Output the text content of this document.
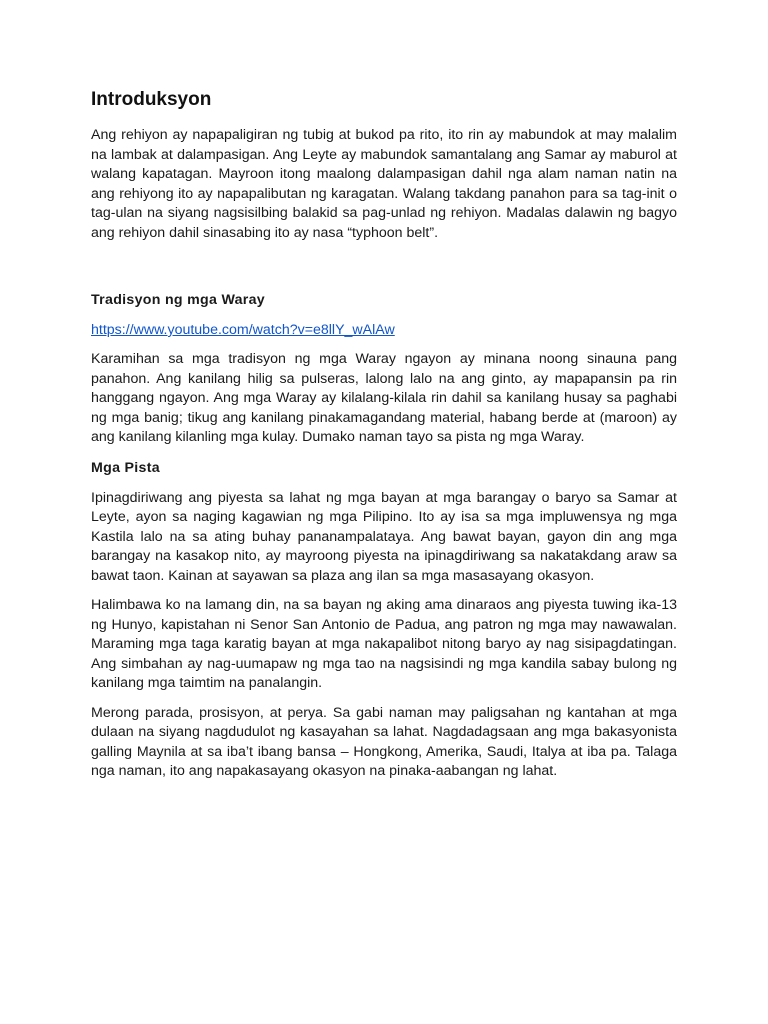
Introduksyon

Ang rehiyon ay napapaligiran ng tubig at bukod pa rito, ito rin ay mabundok at may malalim na lambak at dalampasigan. Ang Leyte ay mabundok samantalang ang Samar ay maburol at walang kapatagan. Mayroon itong maalong dalampasigan dahil nga alam naman natin na ang rehiyong ito ay napapalibutan ng karagatan. Walang takdang panahon para sa tag-init o tag-ulan na siyang nagsisilbing balakid sa pag-unlad ng rehiyon. Madalas dalawin ng bagyo ang rehiyon dahil sinasabing ito ay nasa “typhoon belt”.

Tradisyon ng mga Waray
https://www.youtube.com/watch?v=e8llY_wAlAw

Karamihan sa mga tradisyon ng mga Waray ngayon ay minana noong sinauna pang panahon. Ang kanilang hilig sa pulseras, lalong lalo na ang ginto, ay mapapansin pa rin hanggang ngayon. Ang mga Waray ay kilalang-kilala rin dahil sa kanilang husay sa paghabi ng mga banig; tikug ang kanilang pinakamagandang material, habang berde at (maroon) ay ang kanilang kilanling mga kulay. Dumako naman tayo sa pista ng mga Waray.

Mga Pista

Ipinagdiriwang ang piyesta sa lahat ng mga bayan at mga barangay o baryo sa Samar at Leyte, ayon sa naging kagawian ng mga Pilipino. Ito ay isa sa mga impluwensya ng mga Kastila lalo na sa ating buhay pananampalataya. Ang bawat bayan, gayon din ang mga barangay na kasakop nito, ay mayroong piyesta na ipinagdiriwang sa nakatakdang araw sa bawat taon. Kainan at sayawan sa plaza ang ilan sa mga masasayang okasyon.

Halimbawa ko na lamang din, na sa bayan ng aking ama dinaraos ang piyesta tuwing ika-13 ng Hunyo, kapistahan ni Senor San Antonio de Padua, ang patron ng mga may nawawalan. Maraming mga taga karatig bayan at mga nakapalibot nitong baryo ay nag sisipagdatingan. Ang simbahan ay nag-uumapaw ng mga tao na nagsisindi ng mga kandila sabay bulong ng kanilang mga taimtim na panalangin.

Merong parada, prosisyon, at perya. Sa gabi naman may paligsahan ng kantahan at mga dulaan na siyang nagdudulot ng kasayahan sa lahat. Nagdadagsaan ang mga bakasyonista galling Maynila at sa iba’t ibang bansa – Hongkong, Amerika, Saudi, Italya at iba pa. Talaga nga naman, ito ang napakasayang okasyon na pinaka-aabangan ng lahat.
